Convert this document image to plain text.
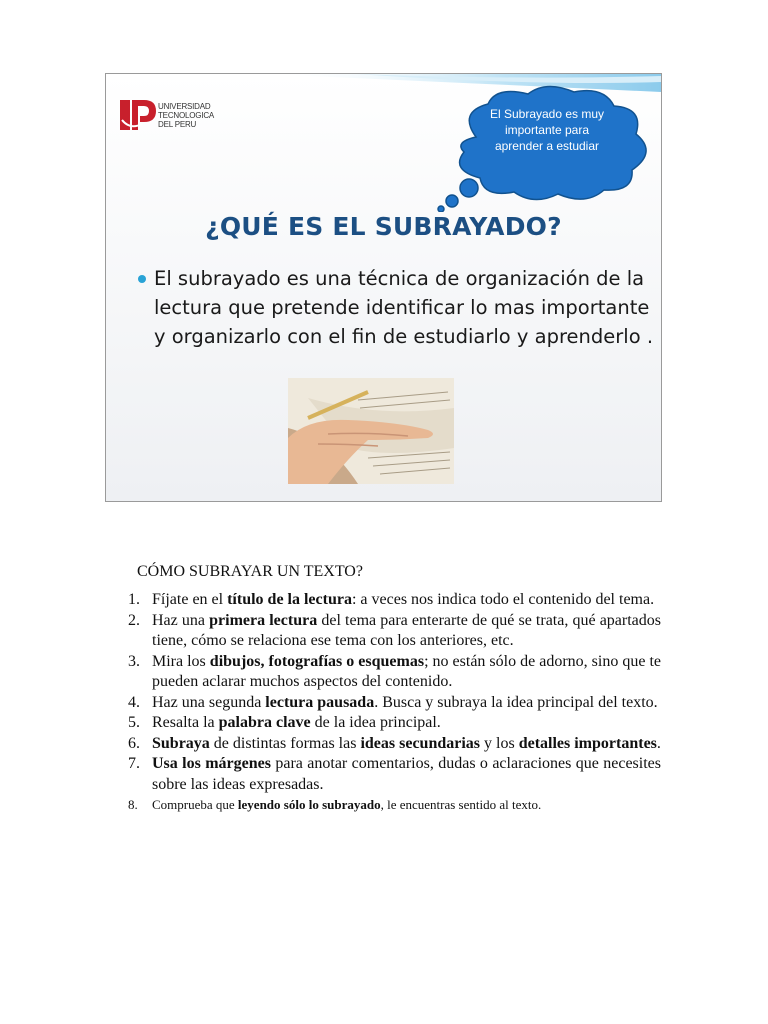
UNIVERSIDAD
TECNOLOGICA
DEL PERU
El Subrayado es muy importante para aprender a estudiar
¿QUÉ ES EL SUBRAYADO?
El subrayado es una técnica de organización de la lectura que pretende identificar lo mas importante y organizarlo con el fin de estudiarlo y aprenderlo .
CÓMO SUBRAYAR UN TEXTO?
1. Fíjate en el título de la lectura: a veces nos indica todo el contenido del tema.
2. Haz una primera lectura del tema para enterarte de qué se trata, qué apartados tiene, cómo se relaciona ese tema con los anteriores, etc.
3. Mira los dibujos, fotografías o esquemas; no están sólo de adorno, sino que te pueden aclarar muchos aspectos del contenido.
4. Haz una segunda lectura pausada. Busca y subraya la idea principal del texto.
5. Resalta la palabra clave de la idea principal.
6. Subraya de distintas formas las ideas secundarias y los detalles importantes.
7. Usa los márgenes para anotar comentarios, dudas o aclaraciones que necesites sobre las ideas expresadas.
8. Comprueba que leyendo sólo lo subrayado, le encuentras sentido al texto.
